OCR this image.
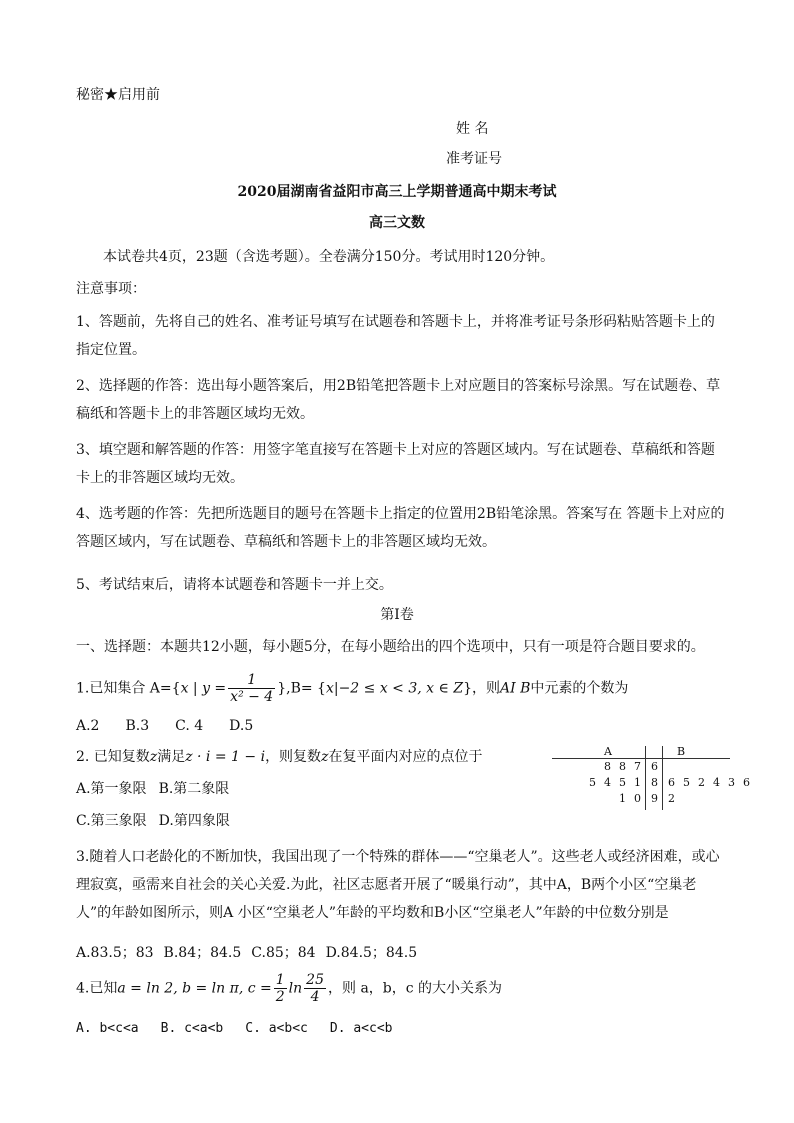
秘密★启用前
姓 名
准考证号
2020届湖南省益阳市高三上学期普通高中期末考试
高三文数
本试卷共4页，23题（含选考题）。全卷满分150分。考试用时120分钟。
注意事项：
1、答题前，先将自己的姓名、准考证号填写在试题卷和答题卡上，并将准考证号条形码粘贴答题卡上的指定位置。
2、选择题的作答：选出每小题答案后，用2B铅笔把答题卡上对应题目的答案标号涂黑。写在试题卷、草稿纸和答题卡上的非答题区域均无效。
3、填空题和解答题的作答：用签字笔直接写在答题卡上对应的答题区域内。写在试题卷、草稿纸和答题卡上的非答题区域均无效。
4、选考题的作答：先把所选题目的题号在答题卡上指定的位置用2B铅笔涂黑。答案写在 答题卡上对应的答题区域内，写在试题卷、草稿纸和答题卡上的非答题区域均无效。
5、考试结束后，请将本试题卷和答题卡一并上交。
第Ⅰ卷
一、选择题：本题共12小题，每小题5分，在每小题给出的四个选项中，只有一项是符合题目要求的。
1.已知集合 A={x | $y = \frac{1}{\text{x² − 4}} \},B= \{x|-2 \le x < 3$, x ∈ Z}，则AI B中元素的个数为
A.2 B.3 C. 4 D.5
2. 已知复数z满足z · i = 1 − i，则复数z在复平面内对应的点位于
A.第一象限 B.第二象限
C.第三象限 D.第四象限
A	B
8 8 7 6
5 4 5 1 8 6 5 2 4 3 6
1 0 9 2
3.随着人口老龄化的不断加快，我国出现了一个特殊的群体——“空巢老人”。这些老人或经济困难，或心理寂寞，亟需来自社会的关心关爱.为此，社区志愿者开展了“暖巢行动”，其中A，B两个小区“空巢老人”的年龄如图所示，则A 小区“空巢老人”年龄的平均数和B小区“空巢老人”年龄的中位数分别是
A.83.5；83 B.84；84.5 C.85；84 D.84.5；84.5
4.已知a = ln 2, b = ln π, $c = \frac{1}{2}$ $\ln \frac{25}{4}$ ，则 a，b，c 的大小关系为
A. b<c<a B. c<a<b C. a<b<c D. a<c<b
